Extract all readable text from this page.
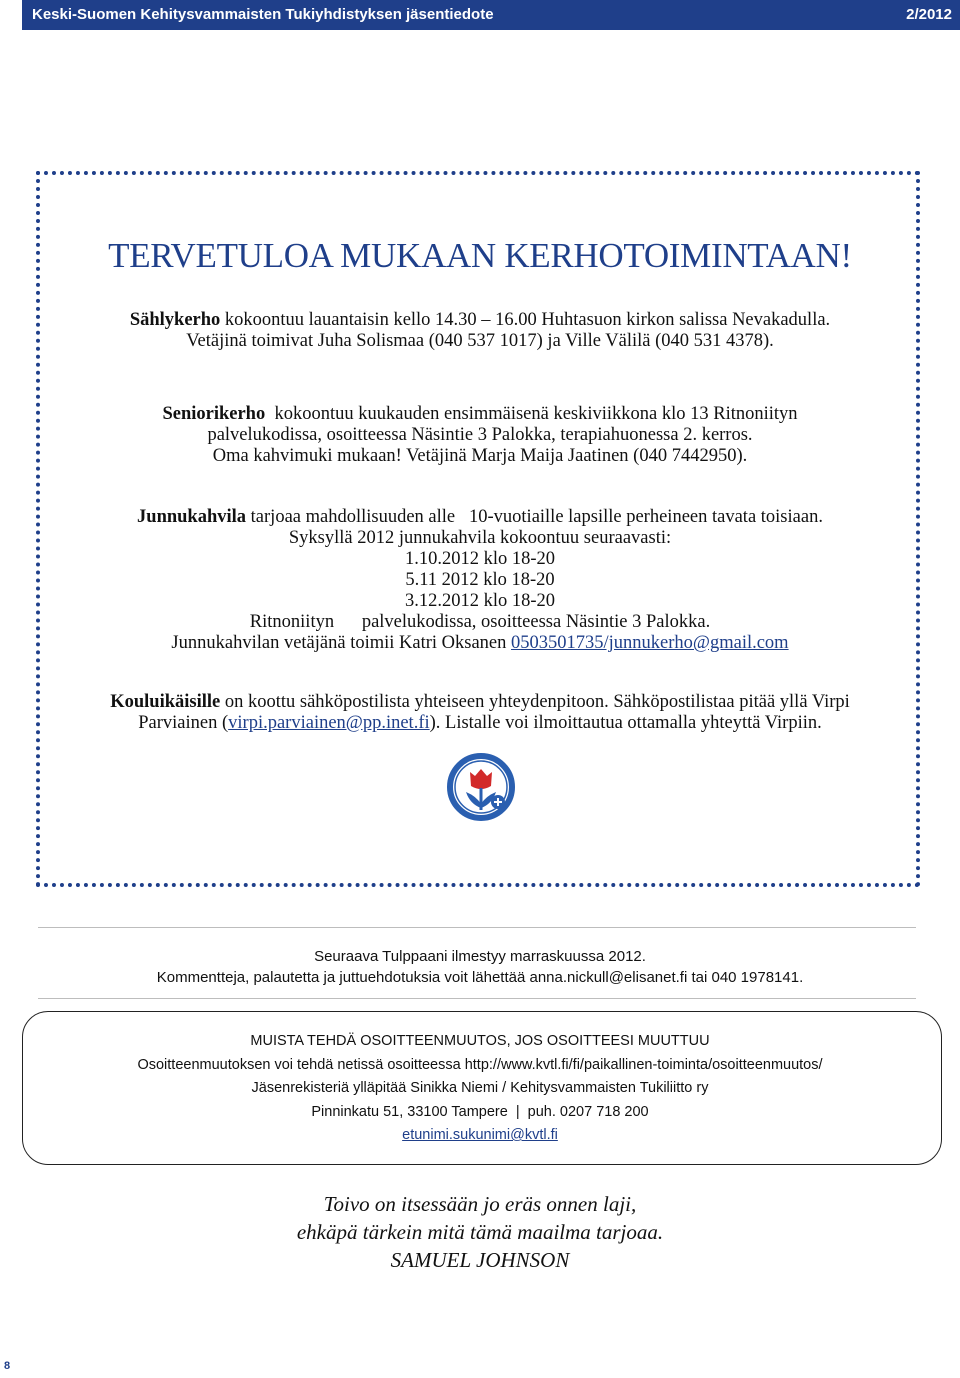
Keski-Suomen Kehitysvammaisten Tukiyhdistyksen jäsentiedote	2/2012
TERVETULOA MUKAAN KERHOTOIMINTAAN!
Sählykerho kokoontuu lauantaisin kello 14.30 – 16.00 Huhtasuon kirkon salissa Nevakadulla.
Vetäjinä toimivat Juha Solismaa (040 537 1017) ja Ville Välilä (040 531 4378).
Seniorikerho  kokoontuu kuukauden ensimmäisenä keskiviikkona klo 13 Ritnoniityn
palvelukodissa, osoitteessa Näsintie 3 Palokka, terapiahuonessa 2. kerros.
Oma kahvimuki mukaan! Vetäjinä Marja Maija Jaatinen (040 7442950).
Junnukahvila tarjoaa mahdollisuuden alle   10-vuotiaille lapsille perheineen tavata toisiaan.
Syksyllä 2012 junnukahvila kokoontuu seuraavasti:
1.10.2012 klo 18-20
5.11 2012 klo 18-20
3.12.2012 klo 18-20
Ritnoniityn      palvelukodissa, osoitteessa Näsintie 3 Palokka.
Junnukahvilan vetäjänä toimii Katri Oksanen 0503501735/junnukerho@gmail.com
Kouluikäisille on koottu sähköpostilista yhteiseen yhteydenpitoon. Sähköpostilistaa pitää yllä Virpi
Parviainen (virpi.parviainen@pp.inet.fi). Listalle voi ilmoittautua ottamalla yhteyttä Virpiin.
Seuraava Tulppaani ilmestyy marraskuussa 2012.
Kommentteja, palautetta ja juttuehdotuksia voit lähettää anna.nickull@elisanet.fi tai 040 1978141.
MUISTA TEHDÄ OSOITTEENMUUTOS, JOS OSOITTEESI MUUTTUU
Osoitteenmuutoksen voi tehdä netissä osoitteessa http://www.kvtl.fi/fi/paikallinen-toiminta/osoitteenmuutos/
Jäsenrekisteriä ylläpitää Sinikka Niemi / Kehitysvammaisten Tukiliitto ry
Pinninkatu 51, 33100 Tampere  |  puh. 0207 718 200
etunimi.sukunimi@kvtl.fi
Toivo on itsessään jo eräs onnen laji,
ehkäpä tärkein mitä tämä maailma tarjoaa.
SAMUEL JOHNSON
8
